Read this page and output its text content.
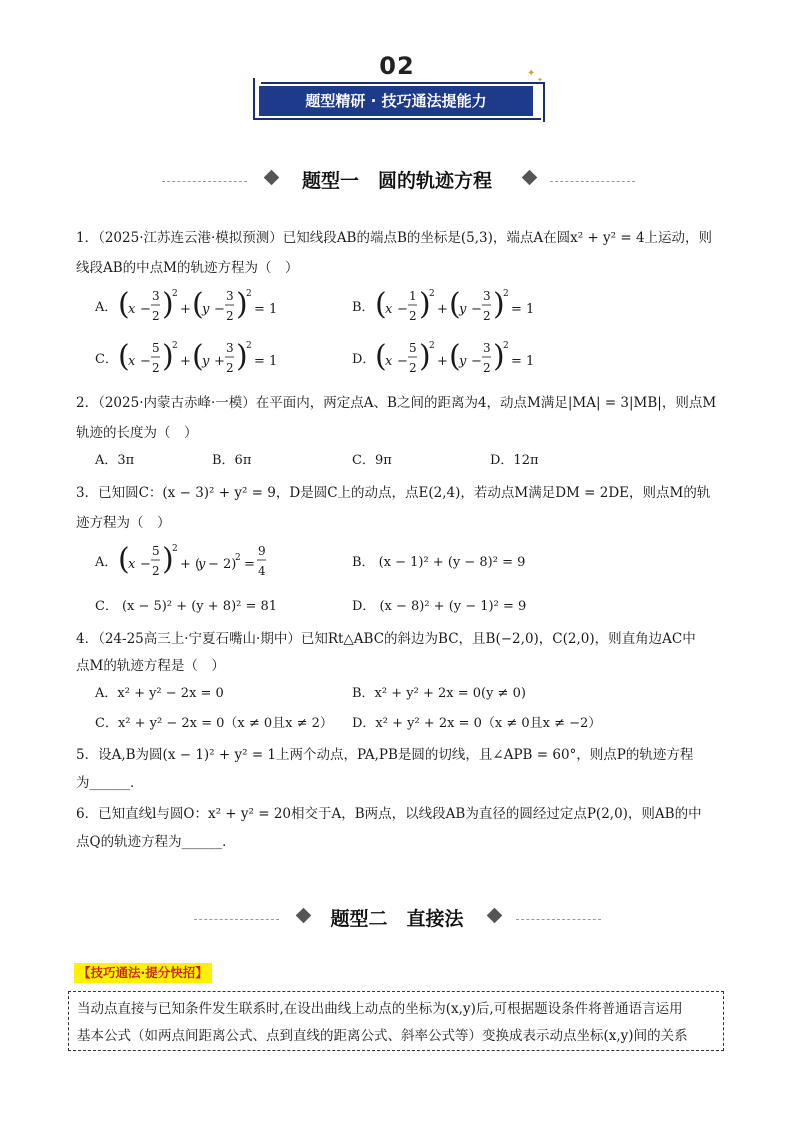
02
题型精研 · 技巧通法提能力
✦
✦
题型一　圆的轨迹方程
1．（2025·江苏连云港·模拟预测）已知线段AB的端点B的坐标是(5,3)，端点A在圆x² + y² = 4上运动，则
线段AB的中点M的轨迹方程为（　）
A． (
x −
3
2 )
2
+ (
y −
3
2 )
2
= 1	B． (
x −
1
2 )
2
+ (
y −
3
2 )
2
= 1
C． (
x −
5
2 )
2
+ (
y +
3
2 )
2
= 1	D． (
x −
5
2 )
2
+ (
y −
3
2 )
2
= 1
2．（2025·内蒙古赤峰·一模）在平面内，两定点A、B之间的距离为4，动点M满足|MA| = 3|MB|，则点M
轨迹的长度为（　）
A．3π	B．6π	C．9π	D．12π
3．已知圆C：(x − 3)² + y² = 9，D是圆C上的动点，点E(2,4)，若动点M满足DM = 2DE，则点M的轨
迹方程为（　）
A． (
x −
5
2 )
2
+ (
y − 2)
2 =
9
4
B． (x − 1)² + (y − 8)² = 9
C． (x − 5)² + (y + 8)² = 81	D． (x − 8)² + (y − 1)² = 9
4．（24-25高三上·宁夏石嘴山·期中）已知Rt△ABC的斜边为BC，且B(−2,0)，C(2,0)，则直角边AC中
点M的轨迹方程是（　）
A．x² + y² − 2x = 0	B．x² + y² + 2x = 0(y ≠ 0)
C．x² + y² − 2x = 0（x ≠ 0且x ≠ 2） D．x² + y² + 2x = 0（x ≠ 0且x ≠ −2）
5．设A,B为圆(x − 1)² + y² = 1上两个动点，PA,PB是圆的切线，且∠APB = 60°，则点P的轨迹方程
为______．
6．已知直线l与圆O：x² + y² = 20相交于A，B两点，以线段AB为直径的圆经过定点P(2,0)，则AB的中
点Q的轨迹方程为______．
题型二　直接法
【技巧通法·提分快招】
当动点直接与已知条件发生联系时,在设出曲线上动点的坐标为(x,y)后,可根据题设条件将普通语言运用
基本公式（如两点间距离公式、点到直线的距离公式、斜率公式等）变换成表示动点坐标(x,y)间的关系
